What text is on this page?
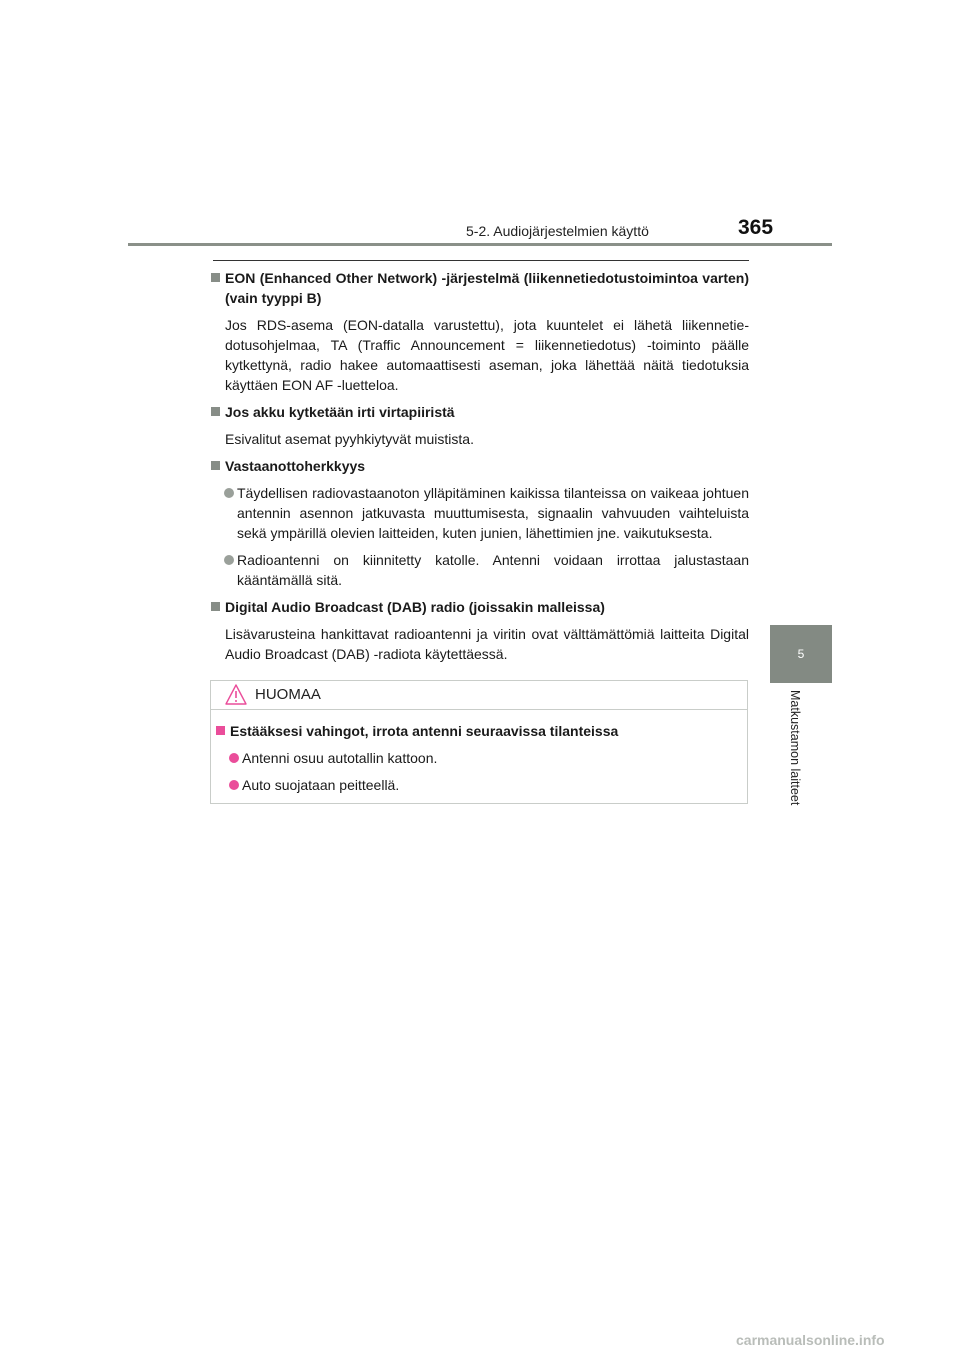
5-2. Audiojärjestelmien käyttö	365
5
Matkustamon laitteet
EON (Enhanced Other Network) -järjestelmä (liikennetiedotustoimintoa varten) (vain tyyppi B)
Jos RDS-asema (EON-datalla varustettu), jota kuuntelet ei lähetä liikennetiedotusohjelmaa, TA (Traffic Announcement = liikennetiedotus) -toiminto päälle kytkettynä, radio hakee automaattisesti aseman, joka lähettää näitä tiedotuksia käyttäen EON AF -luetteloa.
Jos akku kytketään irti virtapiiristä
Esivalitut asemat pyyhkiytyvät muistista.
Vastaanottoherkkyys
Täydellisen radiovastaanoton ylläpitäminen kaikissa tilanteissa on vaikeaa johtuen antennin asennon jatkuvasta muuttumisesta, signaalin vahvuuden vaihteluista sekä ympärillä olevien laitteiden, kuten junien, lähettimien jne. vaikutuksesta.
Radioantenni on kiinnitetty katolle. Antenni voidaan irrottaa jalustastaan kääntämällä sitä.
Digital Audio Broadcast (DAB) radio (joissakin malleissa)
Lisävarusteina hankittavat radioantenni ja viritin ovat välttämättömiä laitteita Digital Audio Broadcast (DAB) -radiota käytettäessä.
HUOMAA
Estääksesi vahingot, irrota antenni seuraavissa tilanteissa
Antenni osuu autotallin kattoon.
Auto suojataan peitteellä.
carmanualsonline.info
